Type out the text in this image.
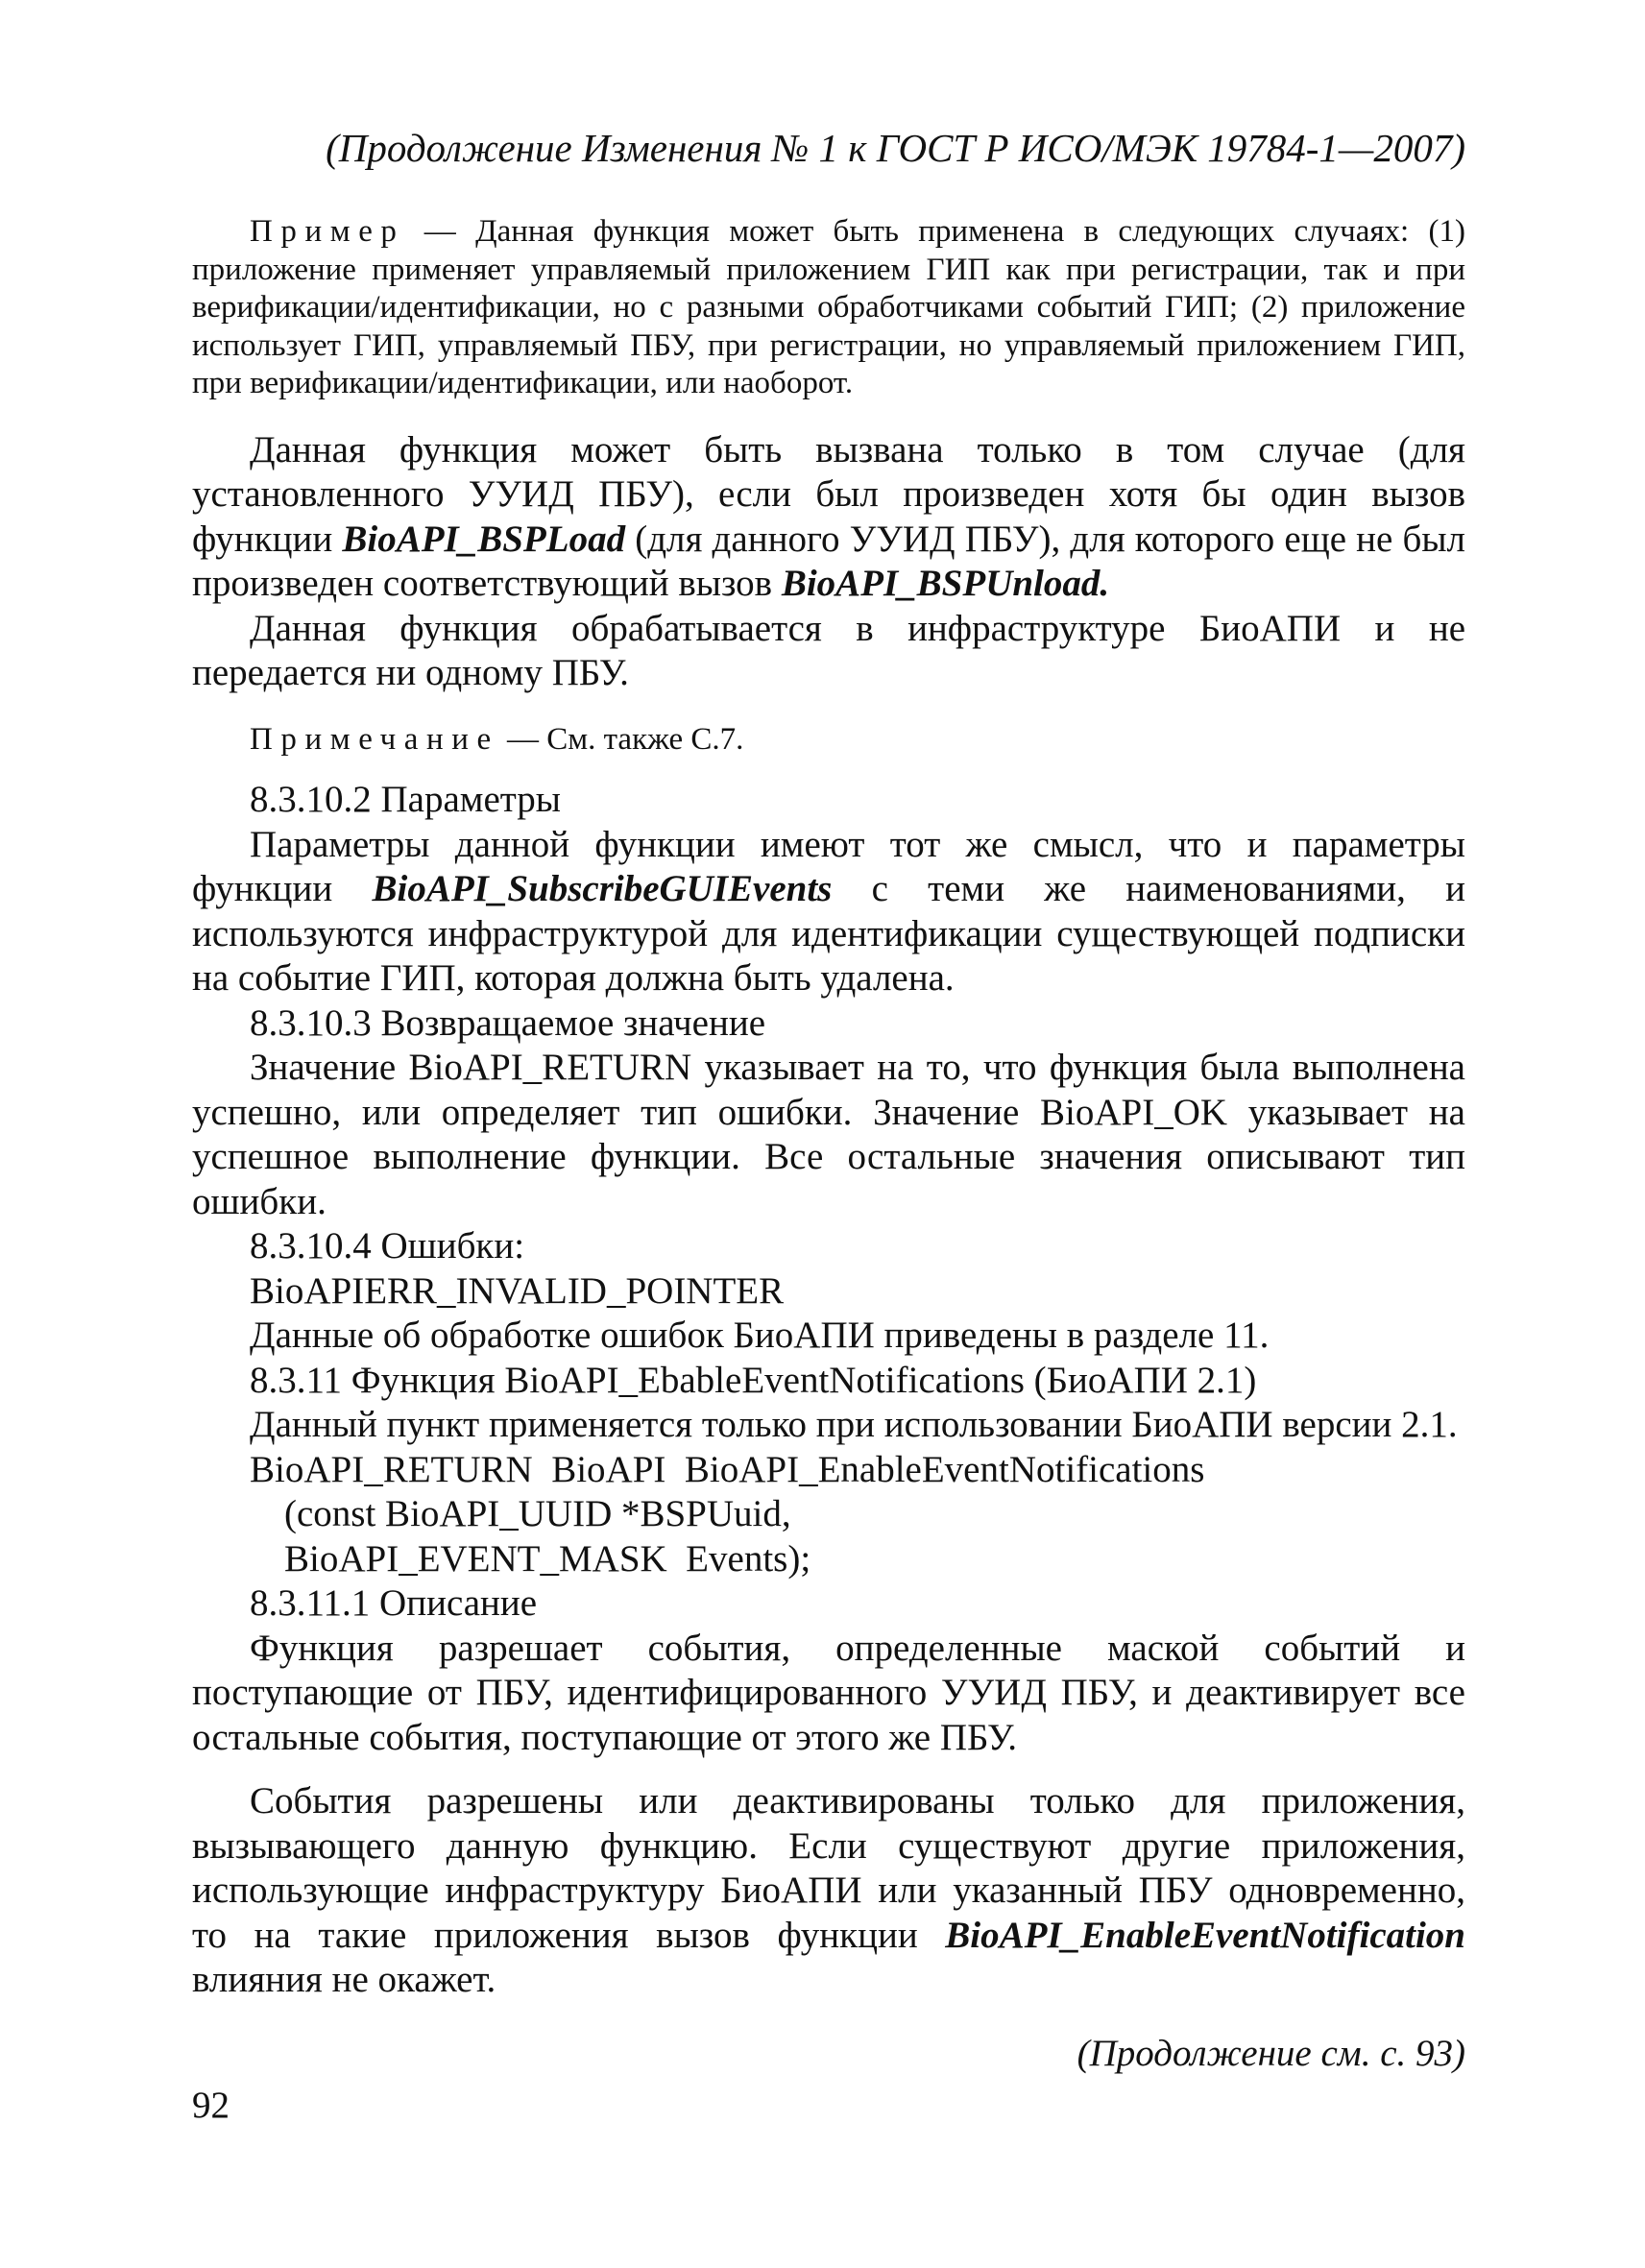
(Продолжение Изменения № 1 к ГОСТ Р ИСО/МЭК 19784-1—2007)

Пример — Данная функция может быть применена в следующих случаях: (1) приложение применяет управляемый приложением ГИП как при регистрации, так и при верификации/идентификации, но с разными обработчиками событий ГИП; (2) приложение использует ГИП, управляемый ПБУ, при регистрации, но управляемый приложением ГИП, при верификации/идентификации, или наоборот.

Данная функция может быть вызвана только в том случае (для установленного УУИД ПБУ), если был произведен хотя бы один вызов функции BioAPI_BSPLoad (для данного УУИД ПБУ), для которого еще не был произведен соответствующий вызов BioAPI_BSPUnload.

Данная функция обрабатывается в инфраструктуре БиоАПИ и не передается ни одному ПБУ.

Примечание — См. также С.7.

8.3.10.2 Параметры

Параметры данной функции имеют тот же смысл, что и параметры функции BioAPI_SubscribeGUIEvents с теми же наименованиями, и используются инфраструктурой для идентификации существующей подписки на событие ГИП, которая должна быть удалена.

8.3.10.3 Возвращаемое значение

Значение BioAPI_RETURN указывает на то, что функция была выполнена успешно, или определяет тип ошибки. Значение BioAPI_OK указывает на успешное выполнение функции. Все остальные значения описывают тип ошибки.

8.3.10.4 Ошибки:

BioAPIERR_INVALID_POINTER

Данные об обработке ошибок БиоАПИ приведены в разделе 11.

8.3.11 Функция BioAPI_EbableEventNotifications (БиоАПИ 2.1)

Данный пункт применяется только при использовании БиоАПИ версии 2.1.

BioAPI_RETURN  BioAPI  BioAPI_EnableEventNotifications

(const BioAPI_UUID *BSPUuid,

BioAPI_EVENT_MASK  Events);

8.3.11.1 Описание

Функция разрешает события, определенные маской событий и поступающие от ПБУ, идентифицированного УУИД ПБУ, и деактивирует все остальные события, поступающие от этого же ПБУ.

События разрешены или деактивированы только для приложения, вызывающего данную функцию. Если существуют другие приложения, использующие инфраструктуру БиоАПИ или указанный ПБУ одновременно, то на такие приложения вызов функции BioAPI_EnableEventNotification влияния не окажет.

(Продолжение см. с. 93)

92
